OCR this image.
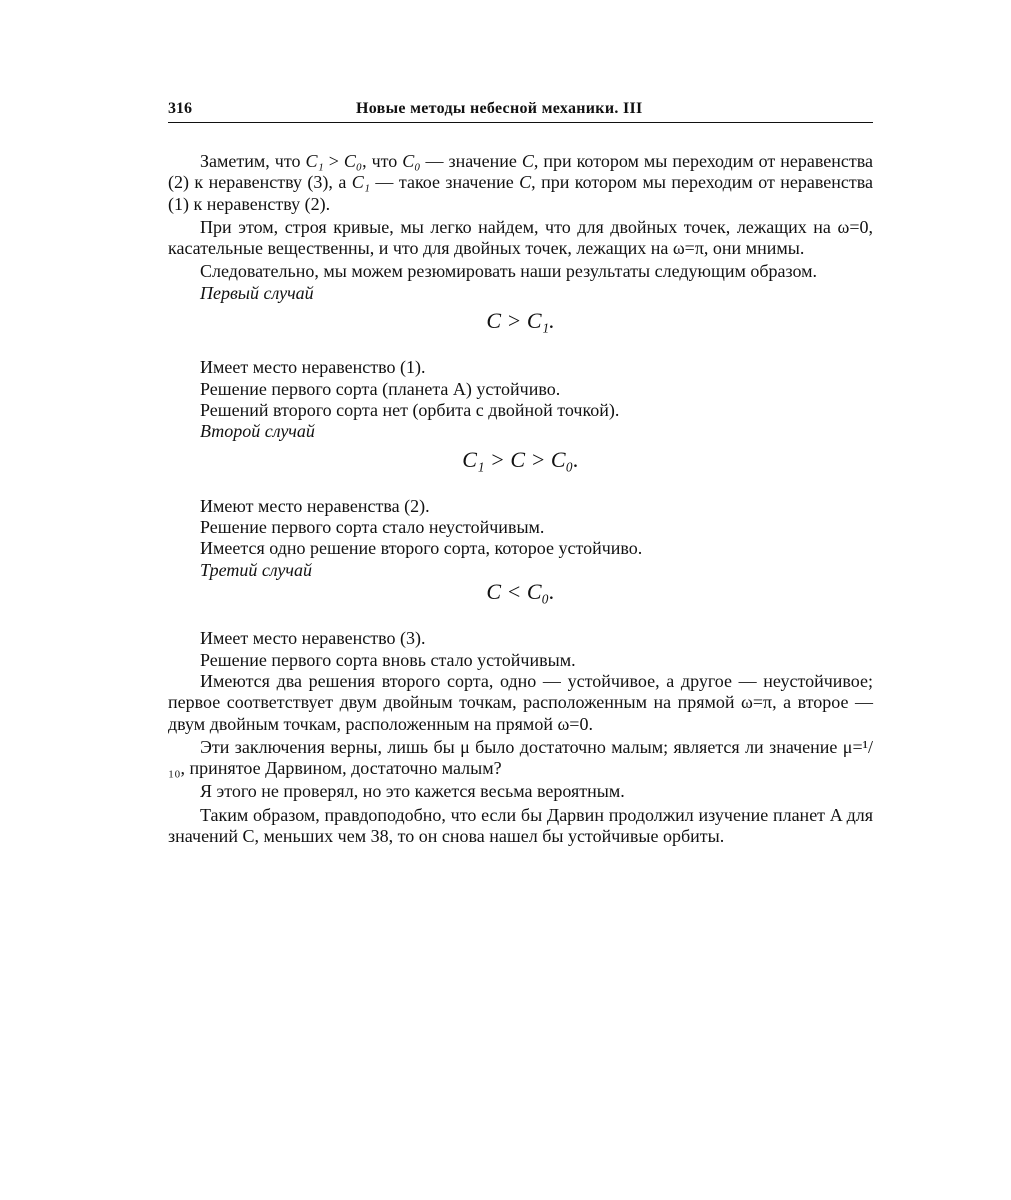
316	Новые методы небесной механики. III

Заметим, что C₁ > C₀, что C₀ — значение C, при котором мы переходим от неравенства (2) к неравенству (3), а C₁ — такое значение C, при котором мы переходим от неравенства (1) к неравенству (2).

При этом, строя кривые, мы легко найдем, что для двойных точек, лежащих на ω=0, касательные вещественны, и что для двойных точек, лежащих на ω=π, они мнимы.

Следовательно, мы можем резюмировать наши результаты следующим образом.

Первый случай

C > C₁.

Имеет место неравенство (1).

Решение первого сорта (планета A) устойчиво.

Решений второго сорта нет (орбита с двойной точкой).

Второй случай

C₁ > C > C₀.

Имеют место неравенства (2).

Решение первого сорта стало неустойчивым.

Имеется одно решение второго сорта, которое устойчиво.

Третий случай

C < C₀.

Имеет место неравенство (3).

Решение первого сорта вновь стало устойчивым.

Имеются два решения второго сорта, одно — устойчивое, а другое — неустойчивое; первое соответствует двум двойным точкам, расположенным на прямой ω=π, а второе — двум двойным точкам, расположенным на прямой ω=0.

Эти заключения верны, лишь бы μ было достаточно малым; является ли значение μ=¹/₁₀, принятое Дарвином, достаточно малым?

Я этого не проверял, но это кажется весьма вероятным.

Таким образом, правдоподобно, что если бы Дарвин продолжил изучение планет A для значений C, меньших чем 38, то он снова нашел бы устойчивые орбиты.
